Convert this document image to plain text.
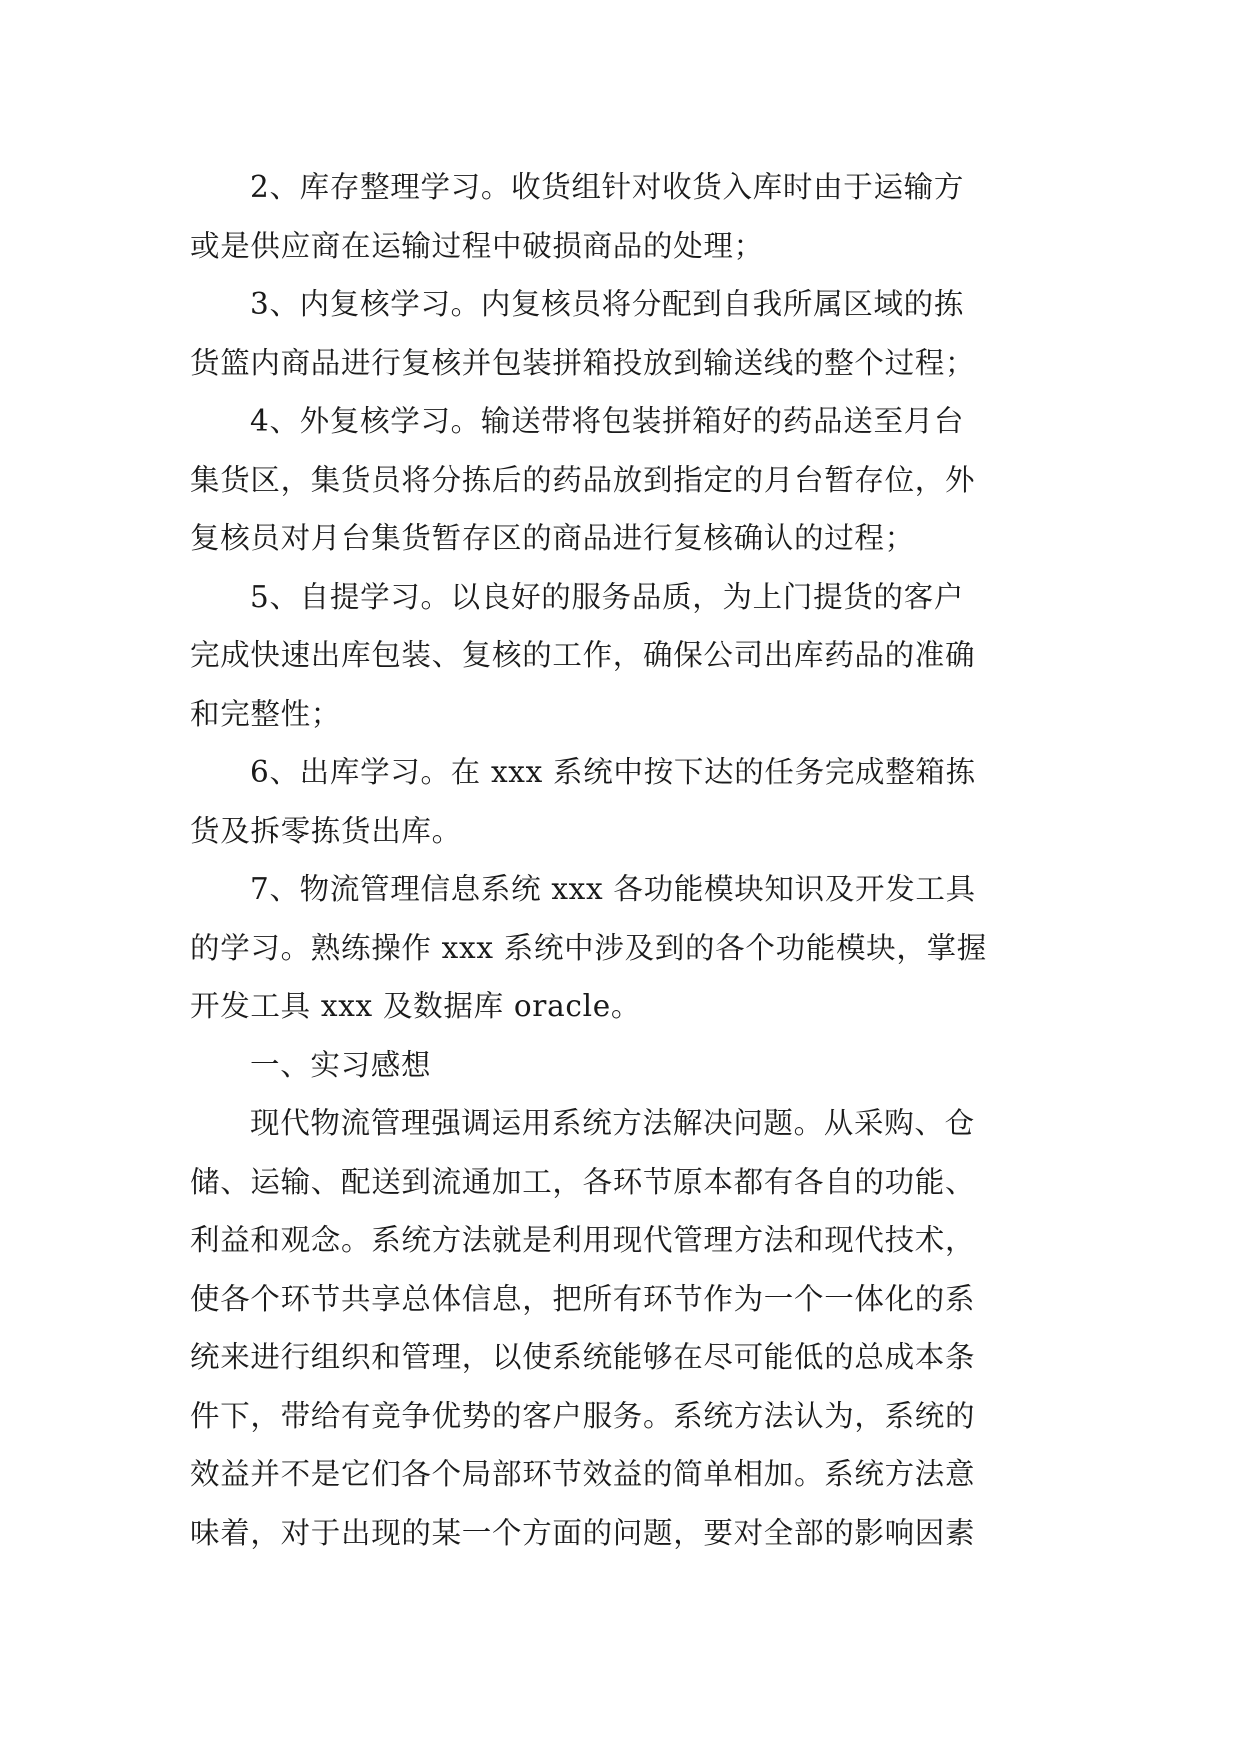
2、库存整理学习。收货组针对收货入库时由于运输方
或是供应商在运输过程中破损商品的处理；
3、内复核学习。内复核员将分配到自我所属区域的拣
货篮内商品进行复核并包装拼箱投放到输送线的整个过程；
4、外复核学习。输送带将包装拼箱好的药品送至月台
集货区，集货员将分拣后的药品放到指定的月台暂存位，外
复核员对月台集货暂存区的商品进行复核确认的过程；
5、自提学习。以良好的服务品质，为上门提货的客户
完成快速出库包装、复核的工作，确保公司出库药品的准确
和完整性；
6、出库学习。在 xxx 系统中按下达的任务完成整箱拣
货及拆零拣货出库。
7、物流管理信息系统 xxx 各功能模块知识及开发工具
的学习。熟练操作 xxx 系统中涉及到的各个功能模块，掌握
开发工具 xxx 及数据库 oracle。
一、实习感想
现代物流管理强调运用系统方法解决问题。从采购、仓
储、运输、配送到流通加工，各环节原本都有各自的功能、
利益和观念。系统方法就是利用现代管理方法和现代技术，
使各个环节共享总体信息，把所有环节作为一个一体化的系
统来进行组织和管理，以使系统能够在尽可能低的总成本条
件下，带给有竞争优势的客户服务。系统方法认为，系统的
效益并不是它们各个局部环节效益的简单相加。系统方法意
味着，对于出现的某一个方面的问题，要对全部的影响因素
